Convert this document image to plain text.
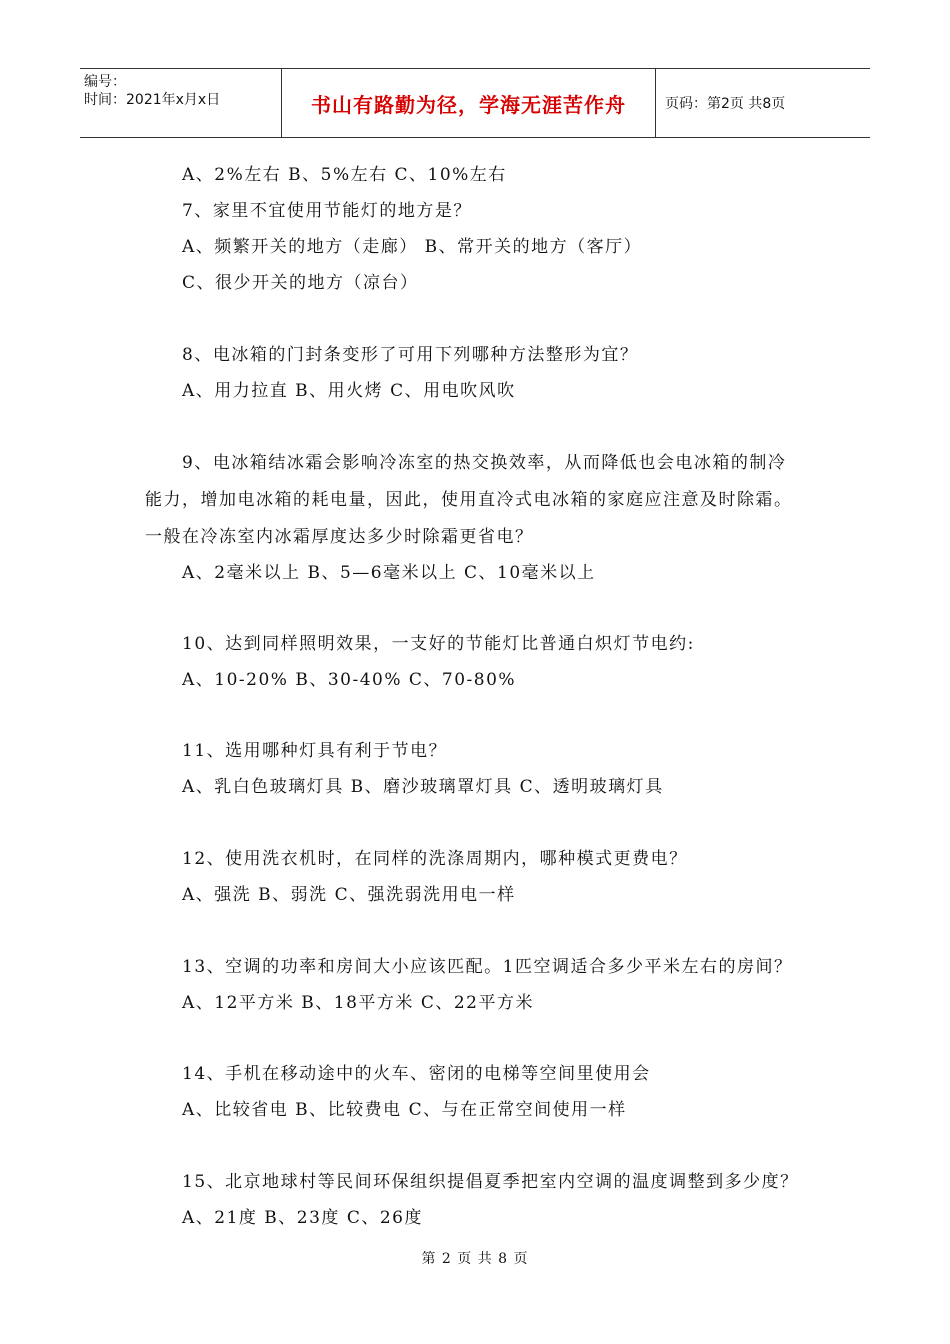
编号：
时间：2021年x月x日	书山有路勤为径，学海无涯苦作舟	页码：第2页 共8页
A、2%左右 B、5%左右 C、10%左右
7、家里不宜使用节能灯的地方是？
A、频繁开关的地方（走廊） B、常开关的地方（客厅）
C、很少开关的地方（凉台）
8、电冰箱的门封条变形了可用下列哪种方法整形为宜？
A、用力拉直 B、用火烤 C、用电吹风吹
9、电冰箱结冰霜会影响冷冻室的热交换效率，从而降低也会电冰箱的制冷
能力，增加电冰箱的耗电量，因此，使用直冷式电冰箱的家庭应注意及时除霜。
一般在冷冻室内冰霜厚度达多少时除霜更省电？
A、2毫米以上 B、5—6毫米以上 C、10毫米以上
10、达到同样照明效果，一支好的节能灯比普通白炽灯节电约:
A、10-20% B、30-40% C、70-80%
11、选用哪种灯具有利于节电？
A、乳白色玻璃灯具 B、磨沙玻璃罩灯具 C、透明玻璃灯具
12、使用洗衣机时，在同样的洗涤周期内，哪种模式更费电？
A、强洗 B、弱洗 C、强洗弱洗用电一样
13、空调的功率和房间大小应该匹配。1匹空调适合多少平米左右的房间？
A、12平方米 B、18平方米 C、22平方米
14、手机在移动途中的火车、密闭的电梯等空间里使用会
A、比较省电 B、比较费电 C、与在正常空间使用一样
15、北京地球村等民间环保组织提倡夏季把室内空调的温度调整到多少度？
A、21度 B、23度 C、26度
第 2 页 共 8 页
